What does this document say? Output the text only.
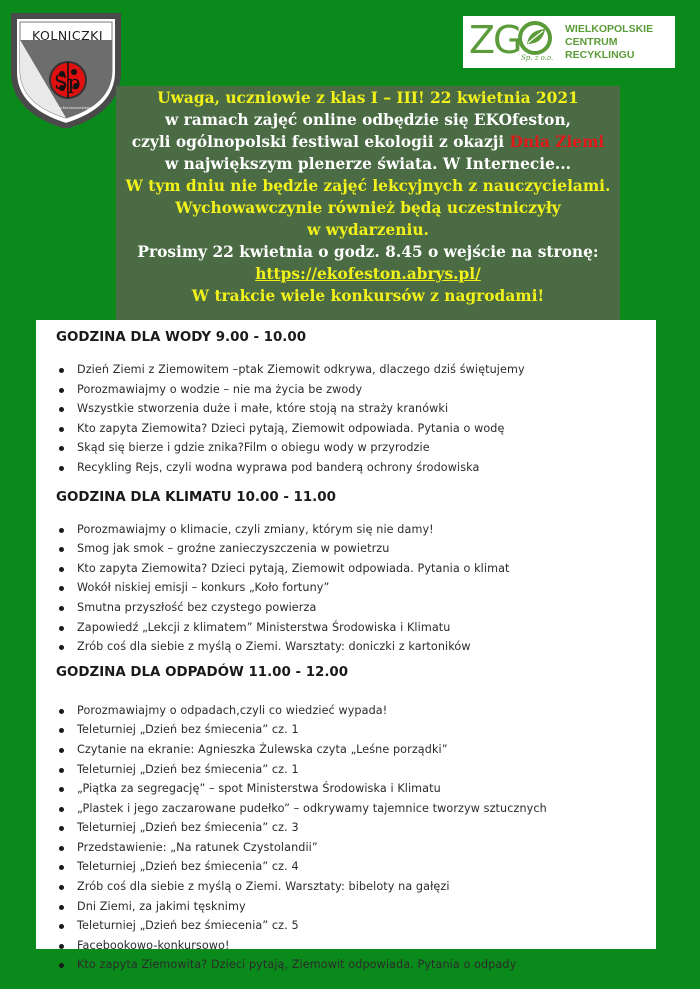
KOLNICZKI
Sp
imię Jana Kochanowskiego
ZG Sp. z o.o.
WIELKOPOLSKIE
CENTRUM
RECYKLINGU
Uwaga, uczniowie z klas I – III! 22 kwietnia 2021
w ramach zajęć online odbędzie się EKOfeston,
czyli ogólnopolski festiwal ekologii z okazji Dnia Ziemi
w największym plenerze świata. W Internecie...
W tym dniu nie będzie zajęć lekcyjnych z nauczycielami.
Wychowawczynie również będą uczestniczyły
w wydarzeniu.
Prosimy 22 kwietnia o godz. 8.45 o wejście na stronę:
https://ekofeston.abrys.pl/
W trakcie wiele konkursów z nagrodami!
GODZINA DLA WODY 9.00 - 10.00
Dzień Ziemi z Ziemowitem –ptak Ziemowit odkrywa, dlaczego dziś świętujemy
Porozmawiajmy o wodzie – nie ma życia be zwody
Wszystkie stworzenia duże i małe, które stoją na straży kranówki
Kto zapyta Ziemowita? Dzieci pytają, Ziemowit odpowiada. Pytania o wodę
Skąd się bierze i gdzie znika?Film o obiegu wody w przyrodzie
Recykling Rejs, czyli wodna wyprawa pod banderą ochrony środowiska
GODZINA DLA KLIMATU 10.00 - 11.00
Porozmawiajmy o klimacie, czyli zmiany, którym się nie damy!
Smog jak smok – groźne zanieczyszczenia w powietrzu
Kto zapyta Ziemowita? Dzieci pytają, Ziemowit odpowiada. Pytania o klimat
Wokół niskiej emisji – konkurs „Koło fortuny”
Smutna przyszłość bez czystego powierza
Zapowiedź „Lekcji z klimatem” Ministerstwa Środowiska i Klimatu
Zrób coś dla siebie z myślą o Ziemi. Warsztaty: doniczki z kartoników
GODZINA DLA ODPADÓW 11.00 - 12.00
Porozmawiajmy o odpadach,czyli co wiedzieć wypada!
Teleturniej „Dzień bez śmiecenia” cz. 1
Czytanie na ekranie: Agnieszka Żulewska czyta „Leśne porządki”
Teleturniej „Dzień bez śmiecenia” cz. 1
„Piątka za segregację” – spot Ministerstwa Środowiska i Klimatu
„Plastek i jego zaczarowane pudełko” – odkrywamy tajemnice tworzyw sztucznych
Teleturniej „Dzień bez śmiecenia” cz. 3
Przedstawienie: „Na ratunek Czystolandii”
Teleturniej „Dzień bez śmiecenia” cz. 4
Zrób coś dla siebie z myślą o Ziemi. Warsztaty: bibeloty na gałęzi
Dni Ziemi, za jakimi tęsknimy
Teleturniej „Dzień bez śmiecenia” cz. 5
Facebookowo-konkursowo!
Kto zapyta Ziemowita? Dzieci pytają, Ziemowit odpowiada. Pytania o odpady
